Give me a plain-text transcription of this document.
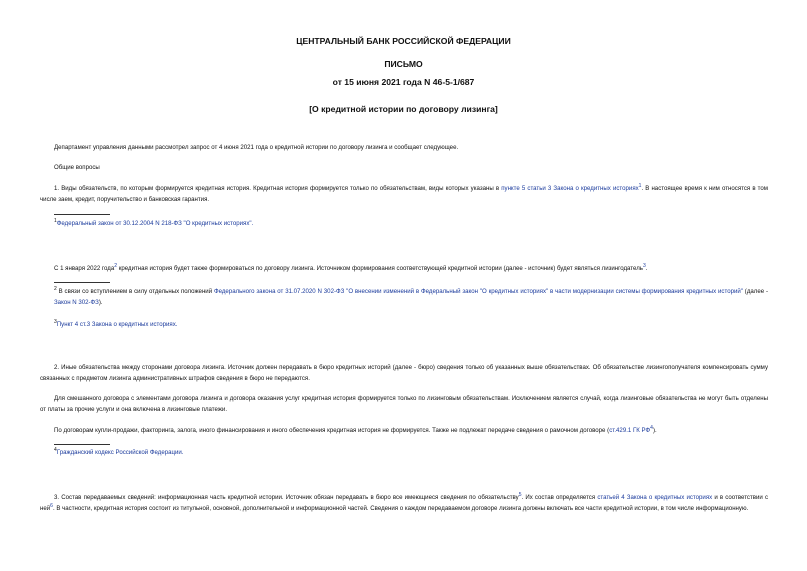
ЦЕНТРАЛЬНЫЙ БАНК РОССИЙСКОЙ ФЕДЕРАЦИИ
ПИСЬМО
от 15 июня 2021 года N 46-5-1/687
[О кредитной истории по договору лизинга]
Департамент управления данными рассмотрел запрос от 4 июня 2021 года о кредитной истории по договору лизинга и сообщает следующее.
Общие вопросы
1. Виды обязательств, по которым формируется кредитная история. Кредитная история формируется только по обязательствам, виды которых указаны в пункте 5 статьи 3 Закона о кредитных историях$^1$. В настоящее время к ним относятся в том числе заем, кредит, поручительство и банковская гарантия.
$^1$Федеральный закон от 30.12.2004 N 218-ФЗ "О кредитных историях".
С 1 января 2022 года$^2$ кредитная история будет также формироваться по договору лизинга. Источником формирования соответствующей кредитной истории (далее - источник) будет являться лизингодатель$^3$.
$^2$ В связи со вступлением в силу отдельных положений Федерального закона от 31.07.2020 N 302-ФЗ "О внесении изменений в Федеральный закон "О кредитных историях" в части модернизации системы формирования кредитных историй" (далее - Закон N 302-ФЗ).
$^3$Пункт 4 ст.3 Закона о кредитных историях.
2. Иные обязательства между сторонами договора лизинга. Источник должен передавать в бюро кредитных историй (далее - бюро) сведения только об указанных выше обязательствах. Об обязательстве лизингополучателя компенсировать сумму связанных с предметом лизинга административных штрафов сведения в бюро не передаются.
Для смешанного договора с элементами договора лизинга и договора оказания услуг кредитная история формируется только по лизинговым обязательствам. Исключением является случай, когда лизинговые обязательства не могут быть отделены от платы за прочие услуги и она включена в лизинговые платежи.
По договорам купли-продажи, факторинга, залога, иного финансирования и иного обеспечения кредитная история не формируется. Также не подлежат передаче сведения о рамочном договоре (ст.429.1 ГК $РФ^4$).
$^4$Гражданский кодекс Российской Федерации.
3. Состав передаваемых сведений: информационная часть кредитной истории. Источник обязан передавать в бюро все имеющиеся сведения по обязательству$^5$. Их состав определяется статьей 4 Закона о кредитных историях и в соответствии с ней$^6$. В частности, кредитная история состоит из титульной, основной, дополнительной и информационной частей. Сведения о каждом передаваемом договоре лизинга должны включать все части кредитной истории, в том числе информационную.
